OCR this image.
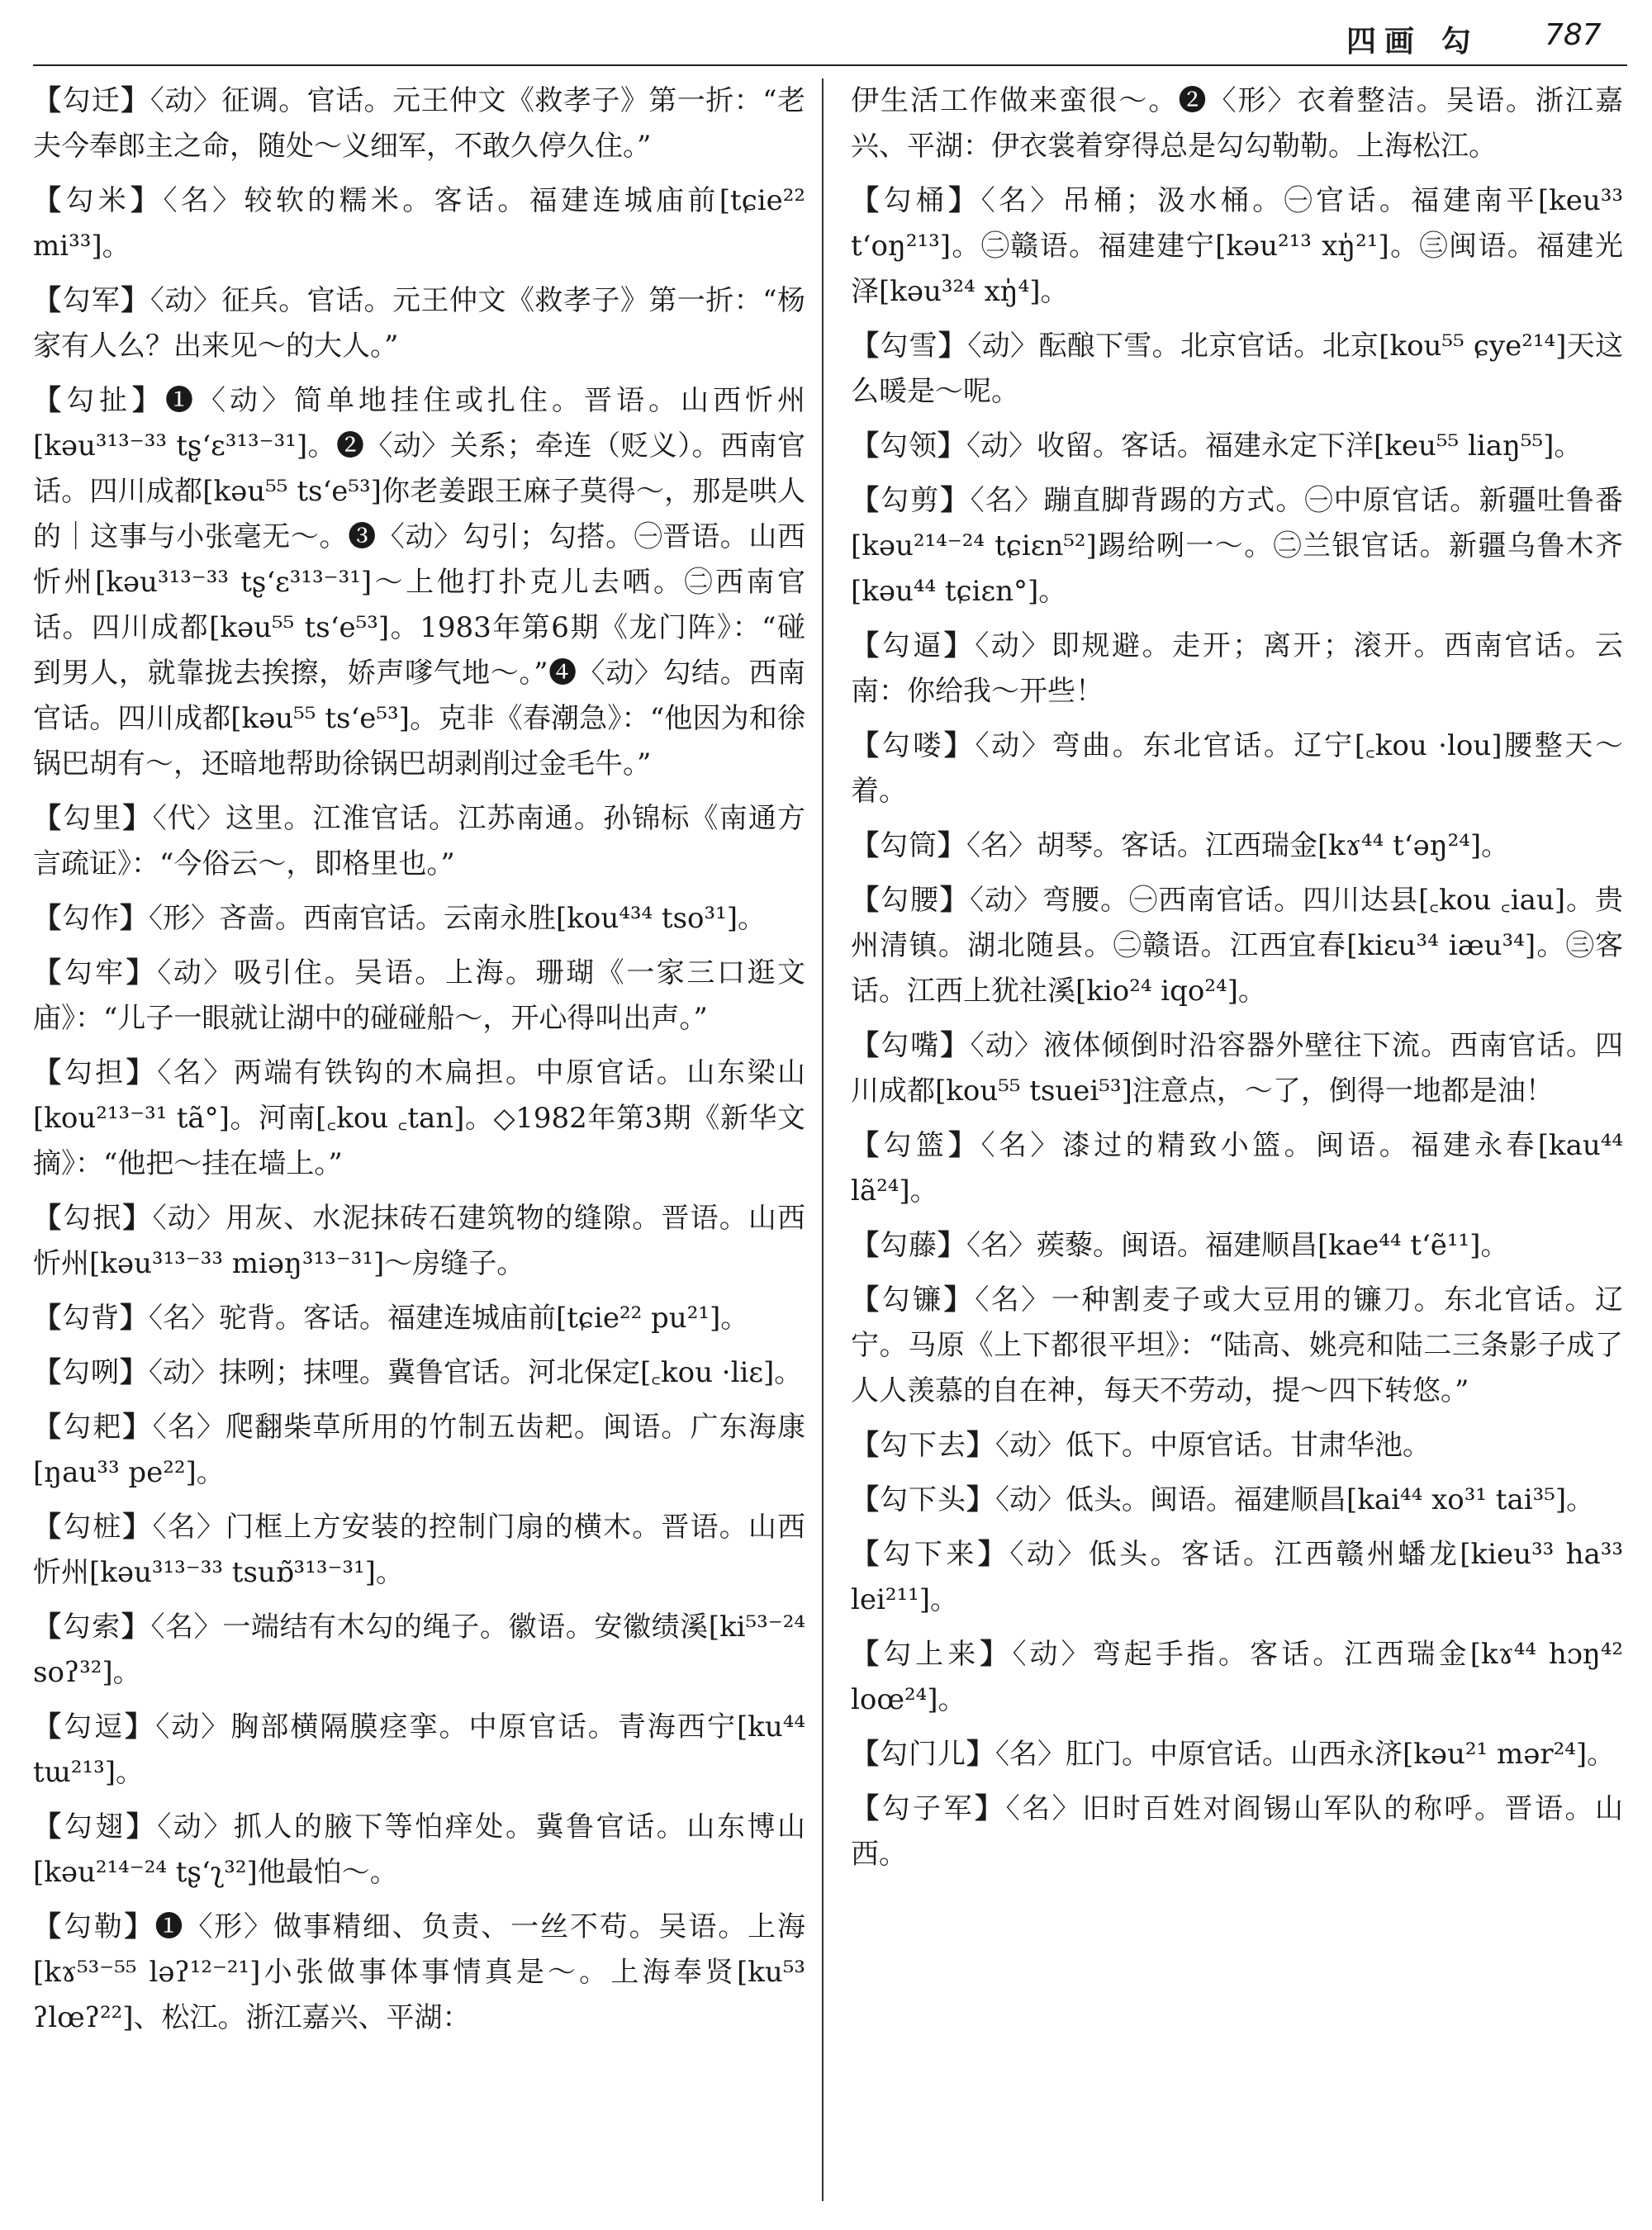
四画 勾 787
【勾迁】〈动〉征调。官话。元王仲文《救孝子》第一折：“老夫今奉郎主之命，随处～义细军，不敢久停久住。”
【勾米】〈名〉较软的糯米。客话。福建连城庙前[tɕie²² mi³³]。
【勾军】〈动〉征兵。官话。元王仲文《救孝子》第一折：“杨家有人么？出来见～的大人。”
【勾扯】❶〈动〉简单地挂住或扎住。晋语。山西忻州[kəu³¹³⁻³³ tʂʻɛ³¹³⁻³¹]。❷〈动〉关系；牵连（贬义）。西南官话。四川成都[kəu⁵⁵ tsʻe⁵³]你老姜跟王麻子莫得～，那是哄人的｜这事与小张毫无～。❸〈动〉勾引；勾搭。㊀晋语。山西忻州[kəu³¹³⁻³³ tʂʻɛ³¹³⁻³¹]～上他打扑克儿去哂。㊁西南官话。四川成都[kəu⁵⁵ tsʻe⁵³]。1983年第6期《龙门阵》：“碰到男人，就靠拢去挨擦，娇声嗲气地～。”❹〈动〉勾结。西南官话。四川成都[kəu⁵⁵ tsʻe⁵³]。克非《春潮急》：“他因为和徐锅巴胡有～，还暗地帮助徐锅巴胡剥削过金毛牛。”
【勾里】〈代〉这里。江淮官话。江苏南通。孙锦标《南通方言疏证》：“今俗云～，即格里也。”
【勾作】〈形〉吝啬。西南官话。云南永胜[kou⁴³⁴ tso³¹]。
【勾牢】〈动〉吸引住。吴语。上海。珊瑚《一家三口逛文庙》：“儿子一眼就让湖中的碰碰船～，开心得叫出声。”
【勾担】〈名〉两端有铁钩的木扁担。中原官话。山东梁山[kou²¹³⁻³¹ tã°]。河南[꜀kou ꜀tan]。◇1982年第3期《新华文摘》：“他把～挂在墙上。”
【勾抿】〈动〉用灰、水泥抹砖石建筑物的缝隙。晋语。山西忻州[kəu³¹³⁻³³ miəŋ³¹³⁻³¹]～房缝子。
【勾背】〈名〉驼背。客话。福建连城庙前[tɕie²² pu²¹]。
【勾咧】〈动〉抹咧；抹哩。冀鲁官话。河北保定[꜀kou ·liɛ]。
【勾耙】〈名〉爬翻柴草所用的竹制五齿耙。闽语。广东海康[ŋau³³ pe²²]。
【勾桩】〈名〉门框上方安装的控制门扇的横木。晋语。山西忻州[kəu³¹³⁻³³ tsuɒ̃³¹³⁻³¹]。
【勾索】〈名〉一端结有木勾的绳子。徽语。安徽绩溪[ki⁵³⁻²⁴ soʔ³²]。
【勾逗】〈动〉胸部横隔膜痉挛。中原官话。青海西宁[ku⁴⁴ tɯ²¹³]。
【勾翅】〈动〉抓人的腋下等怕痒处。冀鲁官话。山东博山[kəu²¹⁴⁻²⁴ tʂʻʅ³²]他最怕～。
【勾勒】❶〈形〉做事精细、负责、一丝不苟。吴语。上海[kɤ⁵³⁻⁵⁵ ləʔ¹²⁻²¹]小张做事体事情真是～。上海奉贤[ku⁵³ ʔlœʔ²²]、松江。浙江嘉兴、平湖：
伊生活工作做来蛮很～。❷〈形〉衣着整洁。吴语。浙江嘉兴、平湖：伊衣裳着穿得总是勾勾勒勒。上海松江。
【勾桶】〈名〉吊桶；汲水桶。㊀官话。福建南平[keu³³ tʻoŋ²¹³]。㊁赣语。福建建宁[kəu²¹³ xŋ̍²¹]。㊂闽语。福建光泽[kəu³²⁴ xŋ̍⁴]。
【勾雪】〈动〉酝酿下雪。北京官话。北京[kou⁵⁵ ɕye²¹⁴]天这么暖是～呢。
【勾领】〈动〉收留。客话。福建永定下洋[keu⁵⁵ liaŋ⁵⁵]。
【勾剪】〈名〉蹦直脚背踢的方式。㊀中原官话。新疆吐鲁番[kəu²¹⁴⁻²⁴ tɕiɛn⁵²]踢给咧一～。㊁兰银官话。新疆乌鲁木齐[kəu⁴⁴ tɕiɛn°]。
【勾逼】〈动〉即规避。走开；离开；滚开。西南官话。云南：你给我～开些！
【勾喽】〈动〉弯曲。东北官话。辽宁[꜀kou ·lou]腰整天～着。
【勾筒】〈名〉胡琴。客话。江西瑞金[kɤ⁴⁴ tʻəŋ²⁴]。
【勾腰】〈动〉弯腰。㊀西南官话。四川达县[꜀kou ꜀iau]。贵州清镇。湖北随县。㊁赣语。江西宜春[kiɛu³⁴ iæu³⁴]。㊂客话。江西上犹社溪[kio²⁴ iqo²⁴]。
【勾嘴】〈动〉液体倾倒时沿容器外壁往下流。西南官话。四川成都[kou⁵⁵ tsuei⁵³]注意点，～了，倒得一地都是油！
【勾篮】〈名〉漆过的精致小篮。闽语。福建永春[kau⁴⁴ lã²⁴]。
【勾藤】〈名〉蒺藜。闽语。福建顺昌[kae⁴⁴ tʻẽ¹¹]。
【勾镰】〈名〉一种割麦子或大豆用的镰刀。东北官话。辽宁。马原《上下都很平坦》：“陆高、姚亮和陆二三条影子成了人人羡慕的自在神，每天不劳动，提～四下转悠。”
【勾下去】〈动〉低下。中原官话。甘肃华池。
【勾下头】〈动〉低头。闽语。福建顺昌[kai⁴⁴ xo³¹ tai³⁵]。
【勾下来】〈动〉低头。客话。江西赣州蟠龙[kieu³³ ha³³ lei²¹¹]。
【勾上来】〈动〉弯起手指。客话。江西瑞金[kɤ⁴⁴ hɔŋ⁴² loœ²⁴]。
【勾门儿】〈名〉肛门。中原官话。山西永济[kəu²¹ mər²⁴]。
【勾子军】〈名〉旧时百姓对阎锡山军队的称呼。晋语。山西。
